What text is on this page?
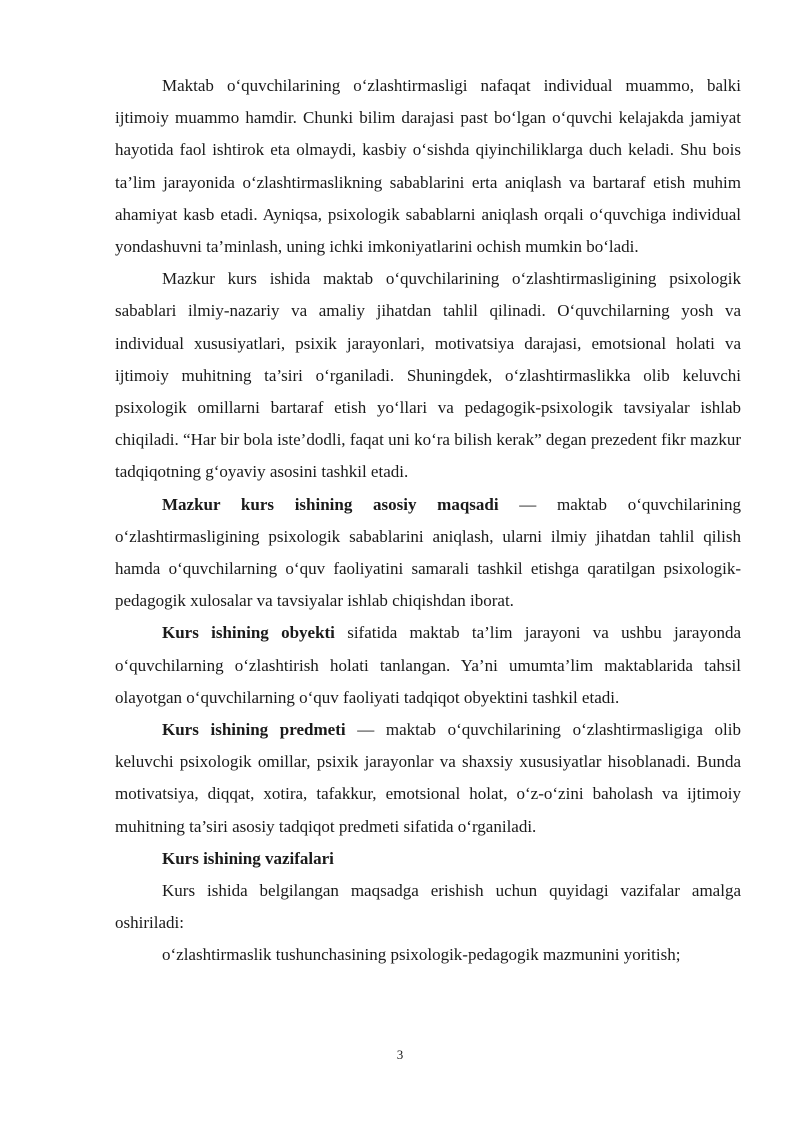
Maktab o‘quvchilarining o‘zlashtirmasligi nafaqat individual muammo, balki ijtimoiy muammo hamdir. Chunki bilim darajasi past bo‘lgan o‘quvchi kelajakda jamiyat hayotida faol ishtirok eta olmaydi, kasbiy o‘sishda qiyinchiliklarga duch keladi. Shu bois ta’lim jarayonida o‘zlashtirmaslikning sabablarini erta aniqlash va bartaraf etish muhim ahamiyat kasb etadi. Ayniqsa, psixologik sabablarni aniqlash orqali o‘quvchiga individual yondashuvni ta’minlash, uning ichki imkoniyatlarini ochish mumkin bo‘ladi.

Mazkur kurs ishida maktab o‘quvchilarining o‘zlashtirmasligining psixologik sabablari ilmiy-nazariy va amaliy jihatdan tahlil qilinadi. O‘quvchilarning yosh va individual xususiyatlari, psixik jarayonlari, motivatsiya darajasi, emotsional holati va ijtimoiy muhitning ta’siri o‘rganiladi. Shuningdek, o‘zlashtirmaslikka olib keluvchi psixologik omillarni bartaraf etish yo‘llari va pedagogik-psixologik tavsiyalar ishlab chiqiladi. “Har bir bola iste’dodli, faqat uni ko‘ra bilish kerak” degan prezedent fikr mazkur tadqiqotning g‘oyaviy asosini tashkil etadi.

Mazkur kurs ishining asosiy maqsadi — maktab o‘quvchilarining o‘zlashtirmasligining psixologik sabablarini aniqlash, ularni ilmiy jihatdan tahlil qilish hamda o‘quvchilarning o‘quv faoliyatini samarali tashkil etishga qaratilgan psixologik-pedagogik xulosalar va tavsiyalar ishlab chiqishdan iborat.

Kurs ishining obyekti sifatida maktab ta’lim jarayoni va ushbu jarayonda o‘quvchilarning o‘zlashtirish holati tanlangan. Ya’ni umumta’lim maktablarida tahsil olayotgan o‘quvchilarning o‘quv faoliyati tadqiqot obyektini tashkil etadi.

Kurs ishining predmeti — maktab o‘quvchilarining o‘zlashtirmasligiga olib keluvchi psixologik omillar, psixik jarayonlar va shaxsiy xususiyatlar hisoblanadi. Bunda motivatsiya, diqqat, xotira, tafakkur, emotsional holat, o‘z-o‘zini baholash va ijtimoiy muhitning ta’siri asosiy tadqiqot predmeti sifatida o‘rganiladi.

Kurs ishining vazifalari

Kurs ishida belgilangan maqsadga erishish uchun quyidagi vazifalar amalga oshiriladi:

o‘zlashtirmaslik tushunchasining psixologik-pedagogik mazmunini yoritish;

3
